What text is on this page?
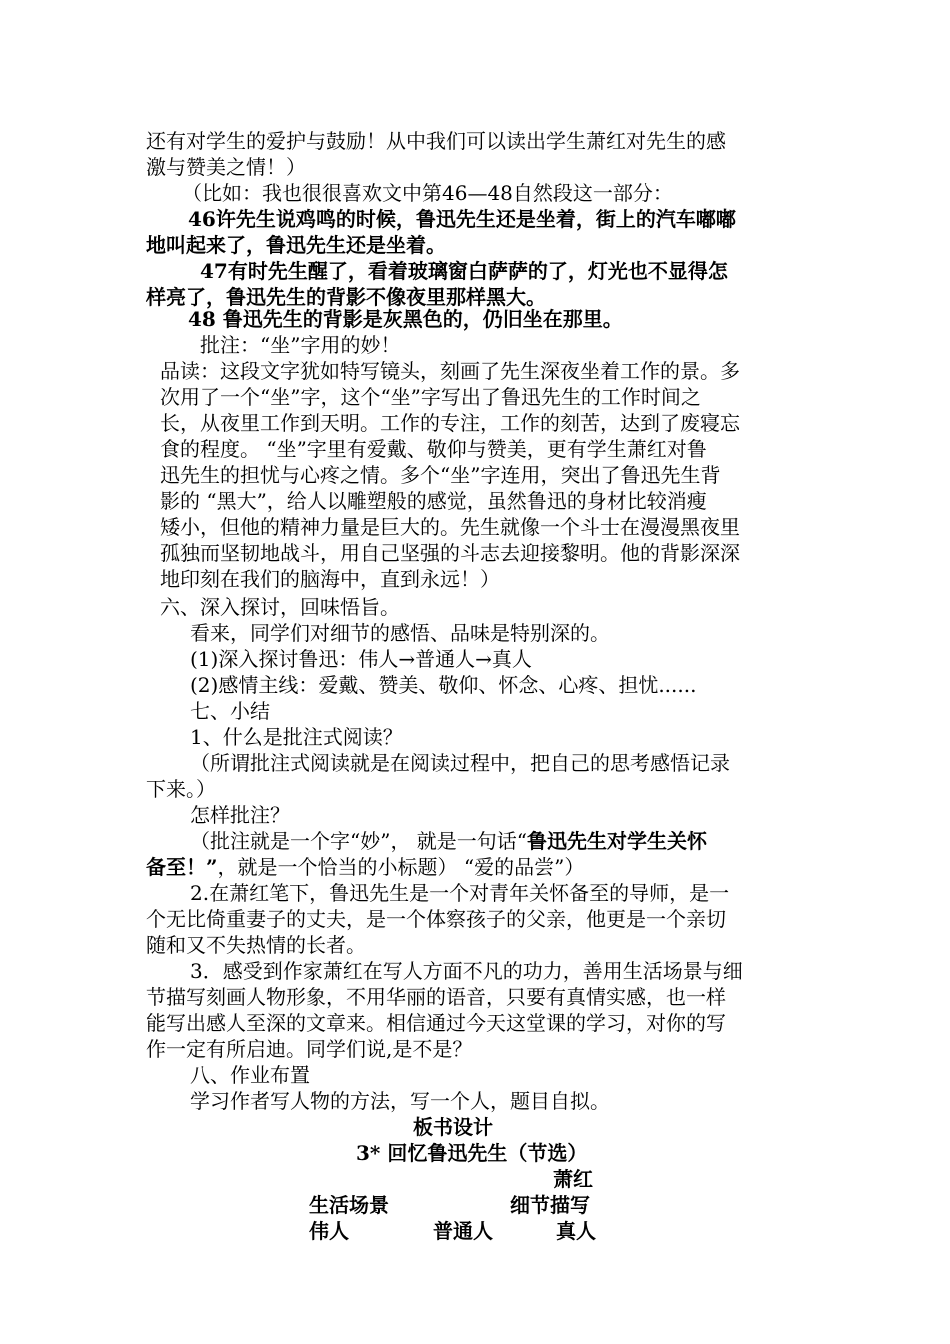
还有对学生的爱护与鼓励！从中我们可以读出学生萧红对先生的感
激与赞美之情！）
（比如：我也很很喜欢文中第46—48自然段这一部分：
46许先生说鸡鸣的时候，鲁迅先生还是坐着，街上的汽车嘟嘟
地叫起来了，鲁迅先生还是坐着。
47有时先生醒了，看着玻璃窗白萨萨的了，灯光也不显得怎
样亮了，鲁迅先生的背影不像夜里那样黑大。
48 鲁迅先生的背影是灰黑色的，仍旧坐在那里。
批注：“坐”字用的妙！
品读：这段文字犹如特写镜头，刻画了先生深夜坐着工作的景。多
次用了一个“坐”字，这个“坐”字写出了鲁迅先生的工作时间之
长，从夜里工作到天明。工作的专注，工作的刻苦，达到了废寝忘
食的程度。 “坐”字里有爱戴、敬仰与赞美，更有学生萧红对鲁
迅先生的担忧与心疼之情。多个“坐”字连用，突出了鲁迅先生背
影的 “黑大”，给人以雕塑般的感觉，虽然鲁迅的身材比较消瘦
矮小，但他的精神力量是巨大的。先生就像一个斗士在漫漫黑夜里
孤独而坚韧地战斗，用自己坚强的斗志去迎接黎明。他的背影深深
地印刻在我们的脑海中，直到永远！）
六、深入探讨，回味悟旨。
看来，同学们对细节的感悟、品味是特别深的。
(1)深入探讨鲁迅：伟人→普通人→真人
(2)感情主线：爱戴、赞美、敬仰、怀念、心疼、担忧......
七、小结
1、什么是批注式阅读？
（所谓批注式阅读就是在阅读过程中，把自己的思考感悟记录
下来。）
怎样批注？
（批注就是一个字“妙”， 就是一句话“鲁迅先生对学生关怀
备至！”，就是一个恰当的小标题） “爱的品尝”）
2.在萧红笔下，鲁迅先生是一个对青年关怀备至的导师，是一
个无比倚重妻子的丈夫，是一个体察孩子的父亲，他更是一个亲切
随和又不失热情的长者。
3．感受到作家萧红在写人方面不凡的功力，善用生活场景与细
节描写刻画人物形象，不用华丽的语音，只要有真情实感，也一样
能写出感人至深的文章来。相信通过今天这堂课的学习，对你的写
作一定有所启迪。同学们说,是不是？
八、作业布置
学习作者写人物的方法，写一个人，题目自拟。
板书设计
3* 回忆鲁迅先生（节选）
萧红
生活场景	细节描写
伟人	普通人	真人
